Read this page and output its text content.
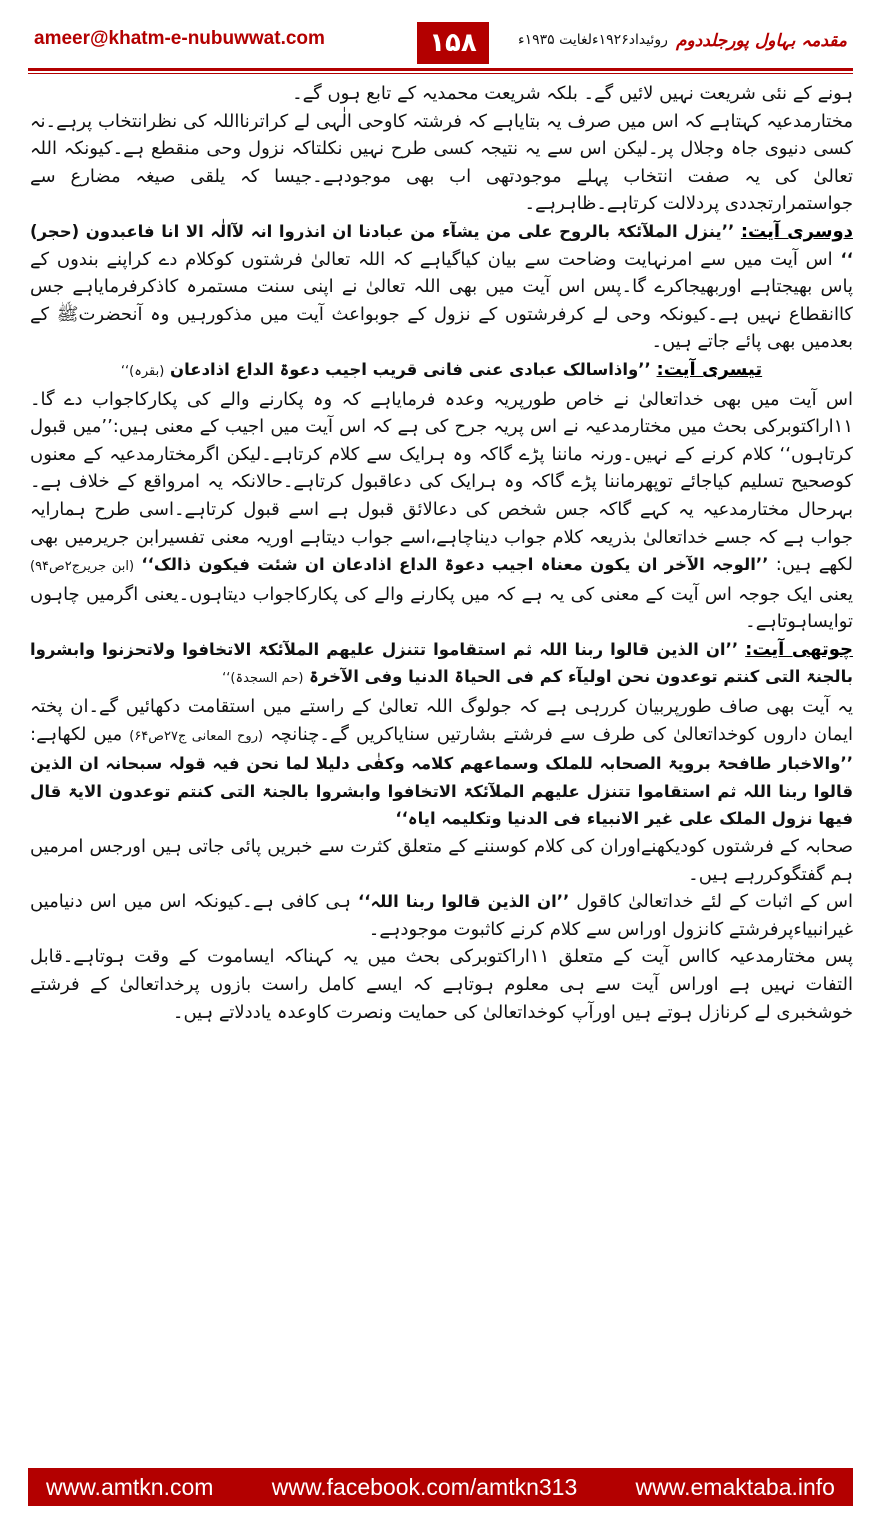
ameer@khatm-e-nubuwwat.com	۱۵۸	روئیداد۱۹۲۶ءلغایت ۱۹۳۵ء مقدمہ بہاول پورجلددوم

ہونے کے نئی شریعت نہیں لائیں گے۔ بلکہ شریعت محمدیہ کے تابع ہوں گے۔

مختارمدعیہ کہتاہے کہ اس میں صرف یہ بتایاہے کہ فرشتہ کاوحی الٰہی لے کراترنااللہ کی نظرانتخاب پرہے۔نہ کسی دنیوی جاہ وجلال پر۔لیکن اس سے یہ نتیجہ کسی طرح نہیں نکلتاکہ نزول وحی منقطع ہے۔کیونکہ اللہ تعالیٰ کی یہ صفت انتخاب پہلے موجودتھی اب بھی موجودہے۔جیسا کہ یلقی صیغہ مضارع سے جواستمرارتجددی پردلالت کرتاہے۔ظاہرہے۔

دوسری آیت: ’’ینزل الملآئکۃ بالروح علی من یشآء من عبادنا ان انذروا انہ لآالٰہ الا انا فاعبدون (حجر) ‘‘ اس آیت میں سے امرنہایت وضاحت سے بیان کیاگیاہے کہ اللہ تعالیٰ فرشتوں کوکلام دے کراپنے بندوں کے پاس بھیجتاہے اوربھیجاکرے گا۔پس اس آیت میں بھی اللہ تعالیٰ نے اپنی سنت مستمرہ کاذکرفرمایاہے جس کاانقطاع نہیں ہے۔کیونکہ وحی لے کرفرشتوں کے نزول کے جوبواعث آیت میں مذکورہیں وہ آنحضرتﷺ کے بعدمیں بھی پائے جاتے ہیں۔

تیسری آیت: ’’واذاسالک عبادی عنی فانی قریب اجیب دعوۃ الداع اذادعان (بقرہ)‘‘

اس آیت میں بھی خداتعالیٰ نے خاص طورپریہ وعدہ فرمایاہے کہ وہ پکارنے والے کی پکارکاجواب دے گا۔۱۱اراکتوبرکی بحث میں مختارمدعیہ نے اس پریہ جرح کی ہے کہ اس آیت میں اجیب کے معنی ہیں:’’میں قبول کرتاہوں‘‘ کلام کرنے کے نہیں۔ورنہ ماننا پڑے گاکہ وہ ہرایک سے کلام کرتاہے۔لیکن اگرمختارمدعیہ کے معنوں کوصحیح تسلیم کیاجائے توپھرماننا پڑے گاکہ وہ ہرایک کی دعاقبول کرتاہے۔حالانکہ یہ امرواقع کے خلاف ہے۔بہرحال مختارمدعیہ یہ کہے گاکہ جس شخص کی دعالائق قبول ہے اسے قبول کرتاہے۔اسی طرح ہمارایہ جواب ہے کہ جسے خداتعالیٰ بذریعہ کلام جواب دیناچاہے،اسے جواب دیتاہے اوریہ معنی تفسیرابن جریرمیں بھی لکھے ہیں: ’’الوجہ الآخر ان یکون معناہ اجیب دعوۃ الداع اذادعان ان شئت فیکون ذالک‘‘ (ابن جریرج۲ص۹۴) یعنی ایک جوجہ اس آیت کے معنی کی یہ ہے کہ میں پکارنے والے کی پکارکاجواب دیتاہوں۔یعنی اگرمیں چاہوں توایساہوتاہے۔

چوتھی آیت: ’’ان الذین قالوا ربنا اللہ ثم استقاموا تتنزل علیھم الملآئکۃ الاتخافوا ولاتحزنوا وابشروا بالجنۃ التی کنتم توعدون نحن اولیآء کم فی الحیاۃ الدنیا وفی الآخرۃ (حم السجدۃ)‘‘

یہ آیت بھی صاف طورپربیان کررہی ہے کہ جولوگ اللہ تعالیٰ کے راستے میں استقامت دکھائیں گے۔ان پختہ ایمان داروں کوخداتعالیٰ کی طرف سے فرشتے بشارتیں سنایاکریں گے۔چنانچہ (روح المعانی ج۲۷ص۶۴) میں لکھاہے: ’’والاخبار طافحۃ برویۃ الصحابہ للملک وسماعھم کلامہ وکفٰی دلیلا لما نحن فیہ قولہ سبحانہ ان الذین قالوا ربنا اللہ ثم استقاموا تتنزل علیھم الملآئکۃ الاتخافوا وابشروا بالجنۃ التی کنتم توعدون الایۃ قال فیھا نزول الملک علی غیر الانبیاء فی الدنیا وتکلیمہ ایاہ‘‘

صحابہ کے فرشتوں کودیکھنےاوران کی کلام کوسننے کے متعلق کثرت سے خبریں پائی جاتی ہیں اورجس امرمیں ہم گفتگوکررہے ہیں۔

اس کے اثبات کے لئے خداتعالیٰ کاقول ’’ان الذین قالوا ربنا اللہ‘‘ ہی کافی ہے۔کیونکہ اس میں اس دنیامیں غیرانبیاءپرفرشتے کانزول اوراس سے کلام کرنے کاثبوت موجودہے۔

پس مختارمدعیہ کااس آیت کے متعلق ۱۱اراکتوبرکی بحث میں یہ کہناکہ ایساموت کے وقت ہوتاہے۔قابل التفات نہیں ہے اوراس آیت سے ہی معلوم ہوتاہے کہ ایسے کامل راست بازوں پرخداتعالیٰ کے فرشتے خوشخبری لے کرنازل ہوتے ہیں اورآپ کوخداتعالیٰ کی حمایت ونصرت کاوعدہ یاددلاتے ہیں۔

www.amtkn.com	www.facebook.com/amtkn313	www.emaktaba.info
